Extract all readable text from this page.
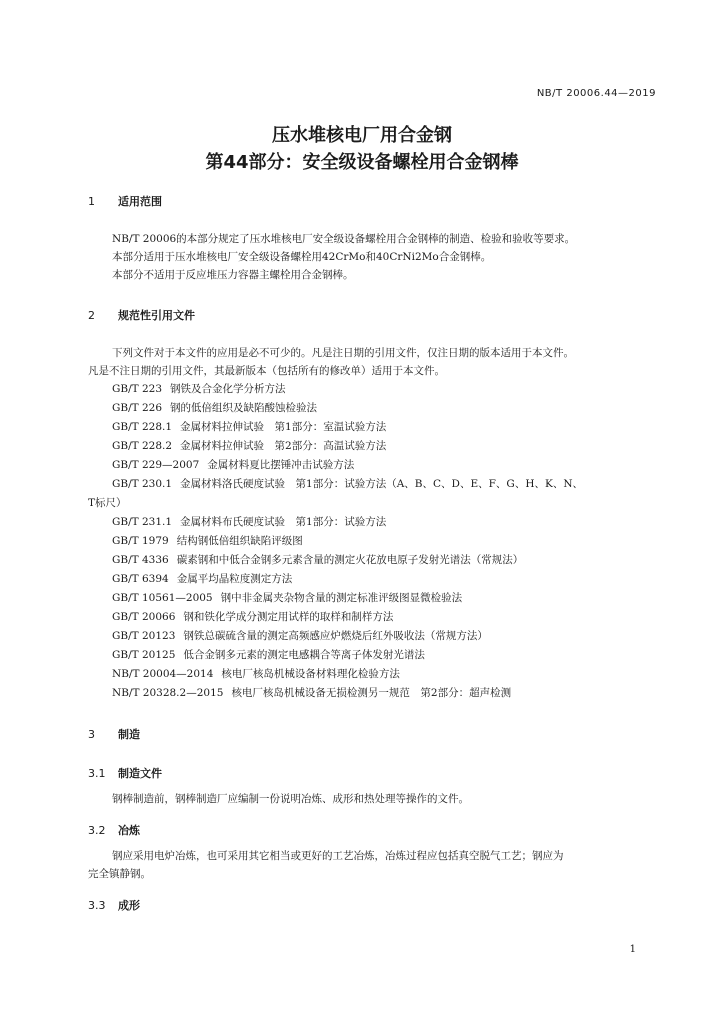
NB/T 20006.44—2019
压水堆核电厂用合金钢
第44部分：安全级设备螺栓用合金钢棒
1 适用范围
NB/T 20006的本部分规定了压水堆核电厂安全级设备螺栓用合金钢棒的制造、检验和验收等要求。
本部分适用于压水堆核电厂安全级设备螺栓用42CrMo和40CrNi2Mo合金钢棒。
本部分不适用于反应堆压力容器主螺栓用合金钢棒。
2 规范性引用文件
下列文件对于本文件的应用是必不可少的。凡是注日期的引用文件，仅注日期的版本适用于本文件。
凡是不注日期的引用文件，其最新版本（包括所有的修改单）适用于本文件。
GB/T 223 钢铁及合金化学分析方法
GB/T 226 钢的低倍组织及缺陷酸蚀检验法
GB/T 228.1 金属材料拉伸试验　第1部分：室温试验方法
GB/T 228.2 金属材料拉伸试验　第2部分：高温试验方法
GB/T 229—2007 金属材料夏比摆锤冲击试验方法
GB/T 230.1 金属材料洛氏硬度试验　第1部分：试验方法（A、B、C、D、E、F、G、H、K、N、
T标尺）
GB/T 231.1 金属材料布氏硬度试验　第1部分：试验方法
GB/T 1979 结构钢低倍组织缺陷评级图
GB/T 4336 碳素钢和中低合金钢多元素含量的测定火花放电原子发射光谱法（常规法）
GB/T 6394 金属平均晶粒度测定方法
GB/T 10561—2005 钢中非金属夹杂物含量的测定标准评级图显微检验法
GB/T 20066 钢和铁化学成分测定用试样的取样和制样方法
GB/T 20123 钢铁总碳硫含量的测定高频感应炉燃烧后红外吸收法（常规方法）
GB/T 20125 低合金钢多元素的测定电感耦合等离子体发射光谱法
NB/T 20004—2014 核电厂核岛机械设备材料理化检验方法
NB/T 20328.2—2015 核电厂核岛机械设备无损检测另一规范　第2部分：超声检测
3 制造
3.1 制造文件
钢棒制造前，钢棒制造厂应编制一份说明冶炼、成形和热处理等操作的文件。
3.2 冶炼
钢应采用电炉冶炼，也可采用其它相当或更好的工艺冶炼，冶炼过程应包括真空脱气工艺；钢应为
完全镇静钢。
3.3 成形
1
